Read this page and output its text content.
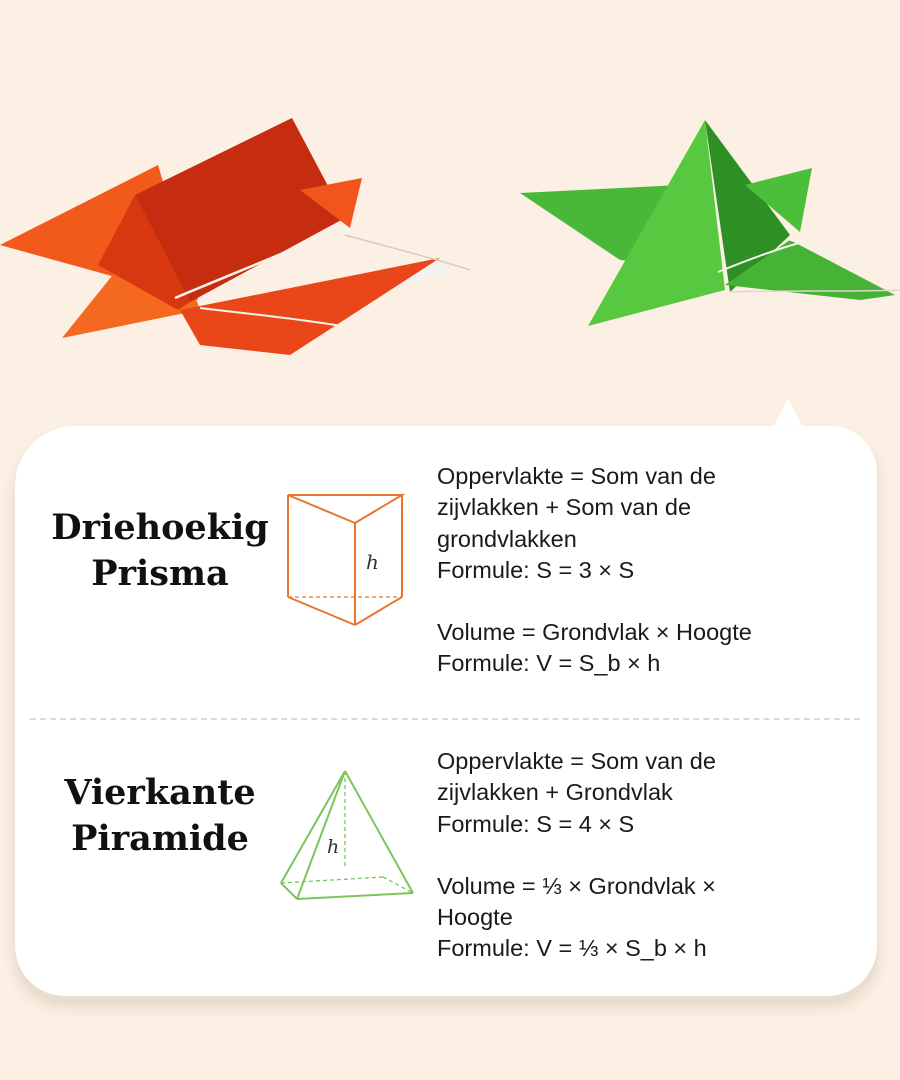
Driehoekig
Prisma	h
Oppervlakte = Som van de
zijvlakken + Som van de
grondvlakken
Formule: S = 3 × S
Volume = Grondvlak × Hoogte
Formule: V = S_b × h
Vierkante
Piramide	h
Oppervlakte = Som van de
zijvlakken + Grondvlak
Formule: S = 4 × S
Volume = ⅓ × Grondvlak ×
Hoogte
Formule: V = ⅓ × S_b × h
